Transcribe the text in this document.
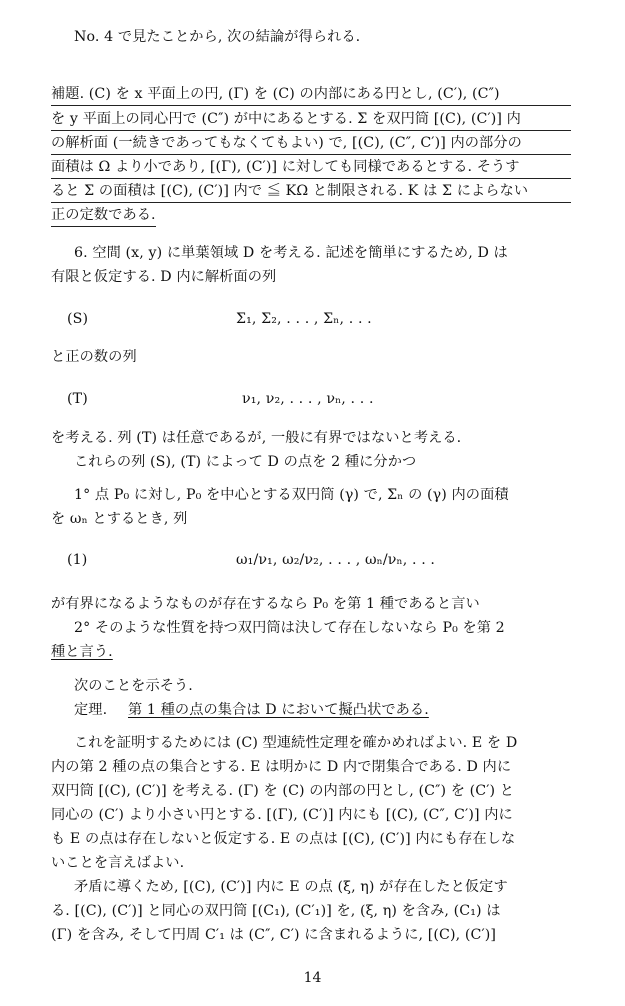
No. 4 で見たことから, 次の結論が得られる.
補題. (C) を x 平面上の円, (Γ) を (C) の内部にある円とし, (C′), (C″)
を y 平面上の同心円で (C″) が中にあるとする. Σ を双円筒 [(C), (C′)] 内
の解析面 (一続きであってもなくてもよい) で, [(C), (C″, C′)] 内の部分の
面積は Ω より小であり, [(Γ), (C′)] に対しても同様であるとする. そうす
ると Σ の面積は [(C), (C′)] 内で ≦ KΩ と制限される. K は Σ によらない
正の定数である.
6. 空間 (x, y) に単葉領域 D を考える. 記述を簡単にするため, D は
有限と仮定する. D 内に解析面の列
(S)	Σ₁, Σ₂, . . . , Σₙ, . . .
と正の数の列
(T)	ν₁, ν₂, . . . , νₙ, . . .
を考える. 列 (T) は任意であるが, 一般に有界ではないと考える.
これらの列 (S), (T) によって D の点を 2 種に分かつ
1° 点 P₀ に対し, P₀ を中心とする双円筒 (γ) で, Σₙ の (γ) 内の面積
を ωₙ とするとき, 列
(1)	ω₁/ν₁, ω₂/ν₂, . . . , ωₙ/νₙ, . . .
が有界になるようなものが存在するなら P₀ を第 1 種であると言い
2° そのような性質を持つ双円筒は決して存在しないなら P₀ を第 2
種と言う.
次のことを示そう.
定理. 第 1 種の点の集合は D において擬凸状である.
これを証明するためには (C) 型連続性定理を確かめればよい. E を D
内の第 2 種の点の集合とする. E は明かに D 内で閉集合である. D 内に
双円筒 [(C), (C′)] を考える. (Γ) を (C) の内部の円とし, (C″) を (C′) と
同心の (C′) より小さい円とする. [(Γ), (C′)] 内にも [(C), (C″, C′)] 内に
も E の点は存在しないと仮定する. E の点は [(C), (C′)] 内にも存在しな
いことを言えばよい.
矛盾に導くため, [(C), (C′)] 内に E の点 (ξ, η) が存在したと仮定す
る. [(C), (C′)] と同心の双円筒 [(C₁), (C′₁)] を, (ξ, η) を含み, (C₁) は
(Γ) を含み, そして円周 C′₁ は (C″, C′) に含まれるように, [(C), (C′)]
14
